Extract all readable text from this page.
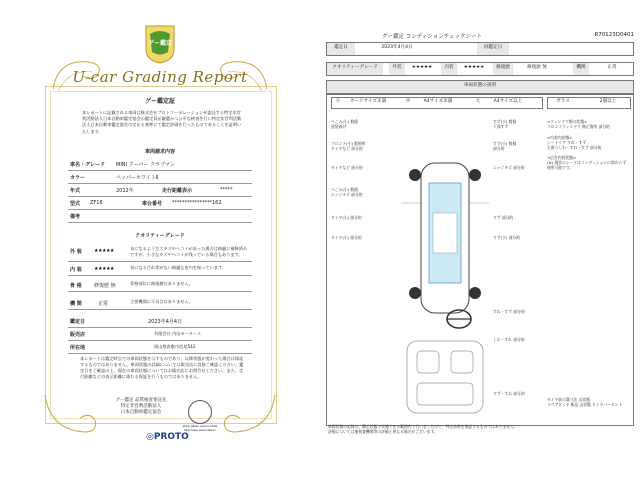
グー鑑定
U-car Grading Report
グー鑑定証
本レポートに記載される車両は株式会社プロトコーポレーションが委託する特定非営利活動法人日本自動車鑑定協会の鑑定員が厳選かつ公平な検査を行い特定非営利活動法人日本自動車鑑定協会の定める基準にて鑑定評価を行ったものであることを証明いたします。
車両請求内容
車名・グレード MINI クーパー クラブマン
カラー	ペッパーホワイトⅡ
年式	2012年	走行距離表示	*****
型式 ZF16	車台番号 ****************162
備考
クオリティーグレード
外 装 ★★★★★	気になるような大キズやヘコミがあった場合は綺麗に補修済みですが、小さなキズやヘコミが残っている場合もあります。
内 装 ★★★★★	気になる汚れ等がない綺麗な室内を保っています。
骨 格 修復歴 無	骨格部位に修復歴はありません。
機 関	正常	主要機関に不具合はありません。
鑑定日	2023年4月4日
販売店	有限会社 内田モータース
所在地	岡山県倉敷市西尾542
本レポートは鑑定時点での車両状態を示すものであり、以降状態が変わった場合は保証するものではありません。車両状態の詳細については販売店に直接ご確認ください。鑑定日をご確認の上、現在の車両状態についてはお販売店にお問合せください。また、走行距離などの表示距離に係わる保証を行うものではありません。
グー鑑定 品質検査委託先
特定非営利活動法人
日本自動車鑑定協会
JAAA Japan Automobile Appraisal Association
◎PROTO
グー鑑定 コンディションチェックシート	R70123D0401
鑑定日	2023年4月4日	再鑑定日
クオリティーグレード	外装	★★★★★	内装	★★★★★	修復歴	修復歴 無	機関	正常
車両状態の説明
小	カードサイズ未満	中	A4サイズ未満	大	A4サイズ以上	ガラス	2個以上
へこみ(小) 数個
塗装剥げ
フロント(小) 数箇所
タイヤなど 部分的
タイヤなど 部分的
へこみ(小) 数個
エッジキズ 部分的
タイヤ(小) 部分的
タイヤ(小) 部分的
すず(小) 数個
下部すず
すず(小) 数個
部分的
エッジキズ 部分的
すず 部分的
すず(小) 部分的
<ウィンドウ類の状態>
フロントウィンドウ 修正箇所 部分的
<内装内状態>
シートリア すれ・すず
天張りしわ・すれ・すず 部分的
<広告内装状態>
(※) 現状のシートはコンディションに関わらず使用可能です。
タイヤ前の溝寸法 山状態
スペアタイヤ 新品 山状態 タイヤパーセント
すれ・すず 部分的
しわ・すれ 部分的
すず・すれ 部分的
車両状態の記録は、静止状態で実施できる範囲内で行いましたので、判定結果を保証するものではありません。
評価については他検査機関等の評価と異なる場合がございます。
